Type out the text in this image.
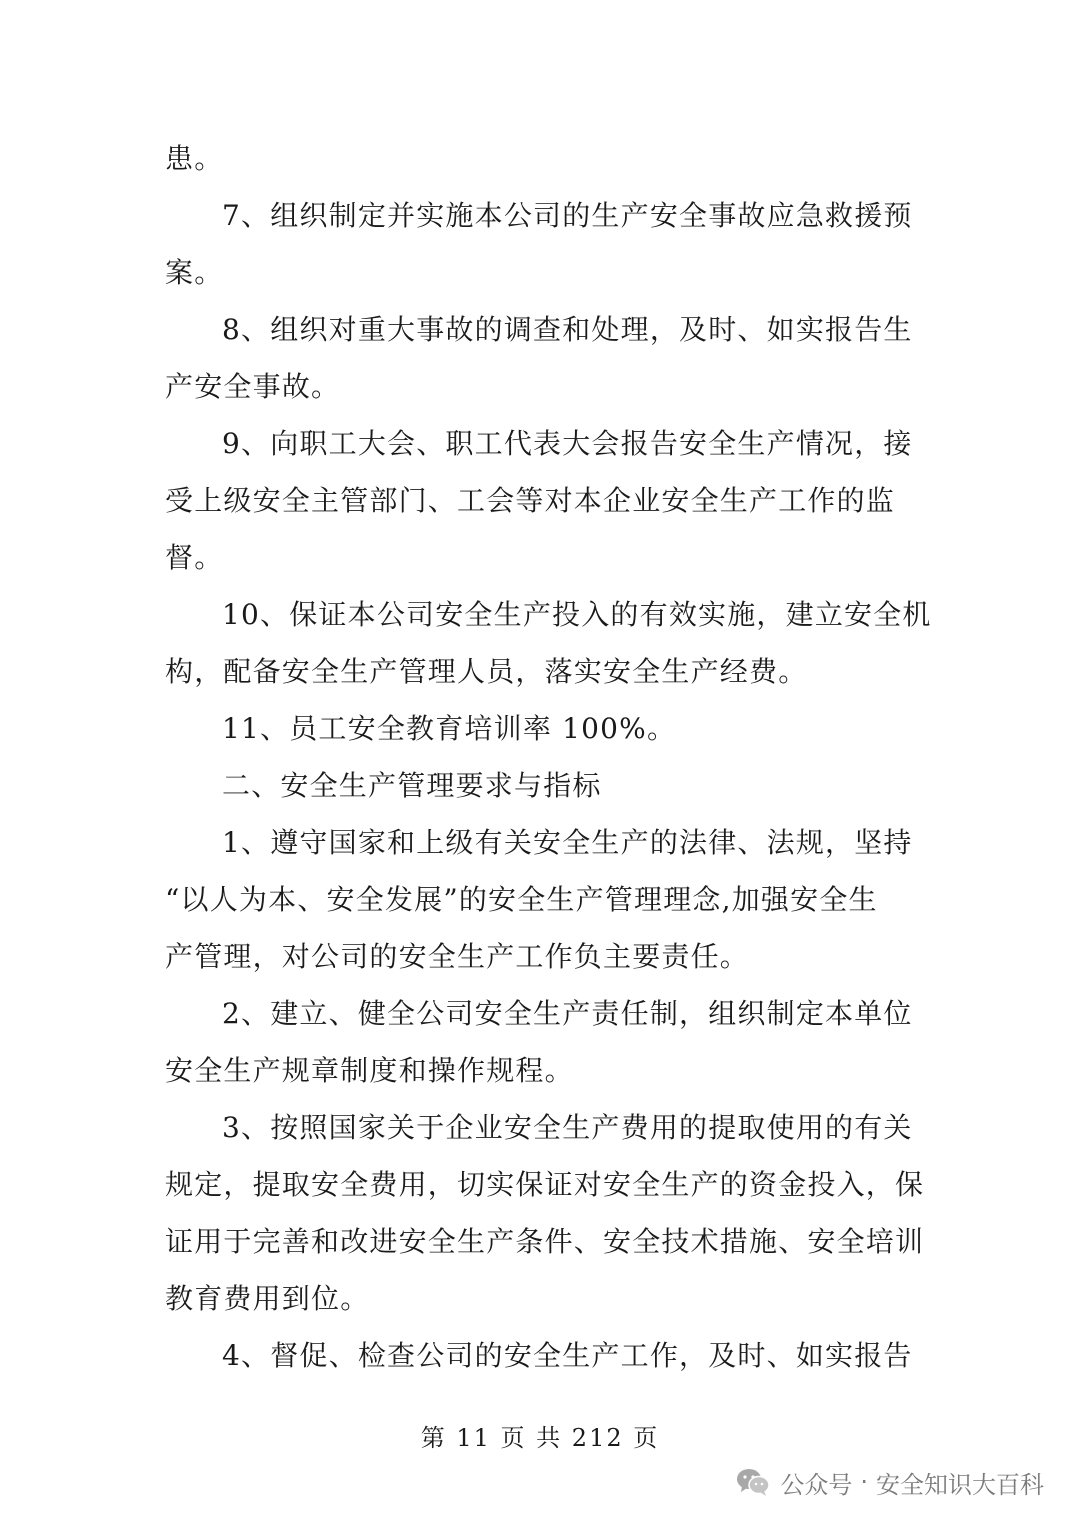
患。
7、组织制定并实施本公司的生产安全事故应急救援预
案。
8、组织对重大事故的调查和处理，及时、如实报告生
产安全事故。
9、向职工大会、职工代表大会报告安全生产情况，接
受上级安全主管部门、工会等对本企业安全生产工作的监
督。
10、保证本公司安全生产投入的有效实施，建立安全机
构，配备安全生产管理人员，落实安全生产经费。
11、员工安全教育培训率 100%。
二、安全生产管理要求与指标
1、遵守国家和上级有关安全生产的法律、法规，坚持
“以人为本、安全发展”的安全生产管理理念,加强安全生
产管理，对公司的安全生产工作负主要责任。
2、建立、健全公司安全生产责任制，组织制定本单位
安全生产规章制度和操作规程。
3、按照国家关于企业安全生产费用的提取使用的有关
规定，提取安全费用，切实保证对安全生产的资金投入，保
证用于完善和改进安全生产条件、安全技术措施、安全培训
教育费用到位。
4、督促、检查公司的安全生产工作，及时、如实报告
第 11 页 共 212 页
公众号 · 安全知识大百科
